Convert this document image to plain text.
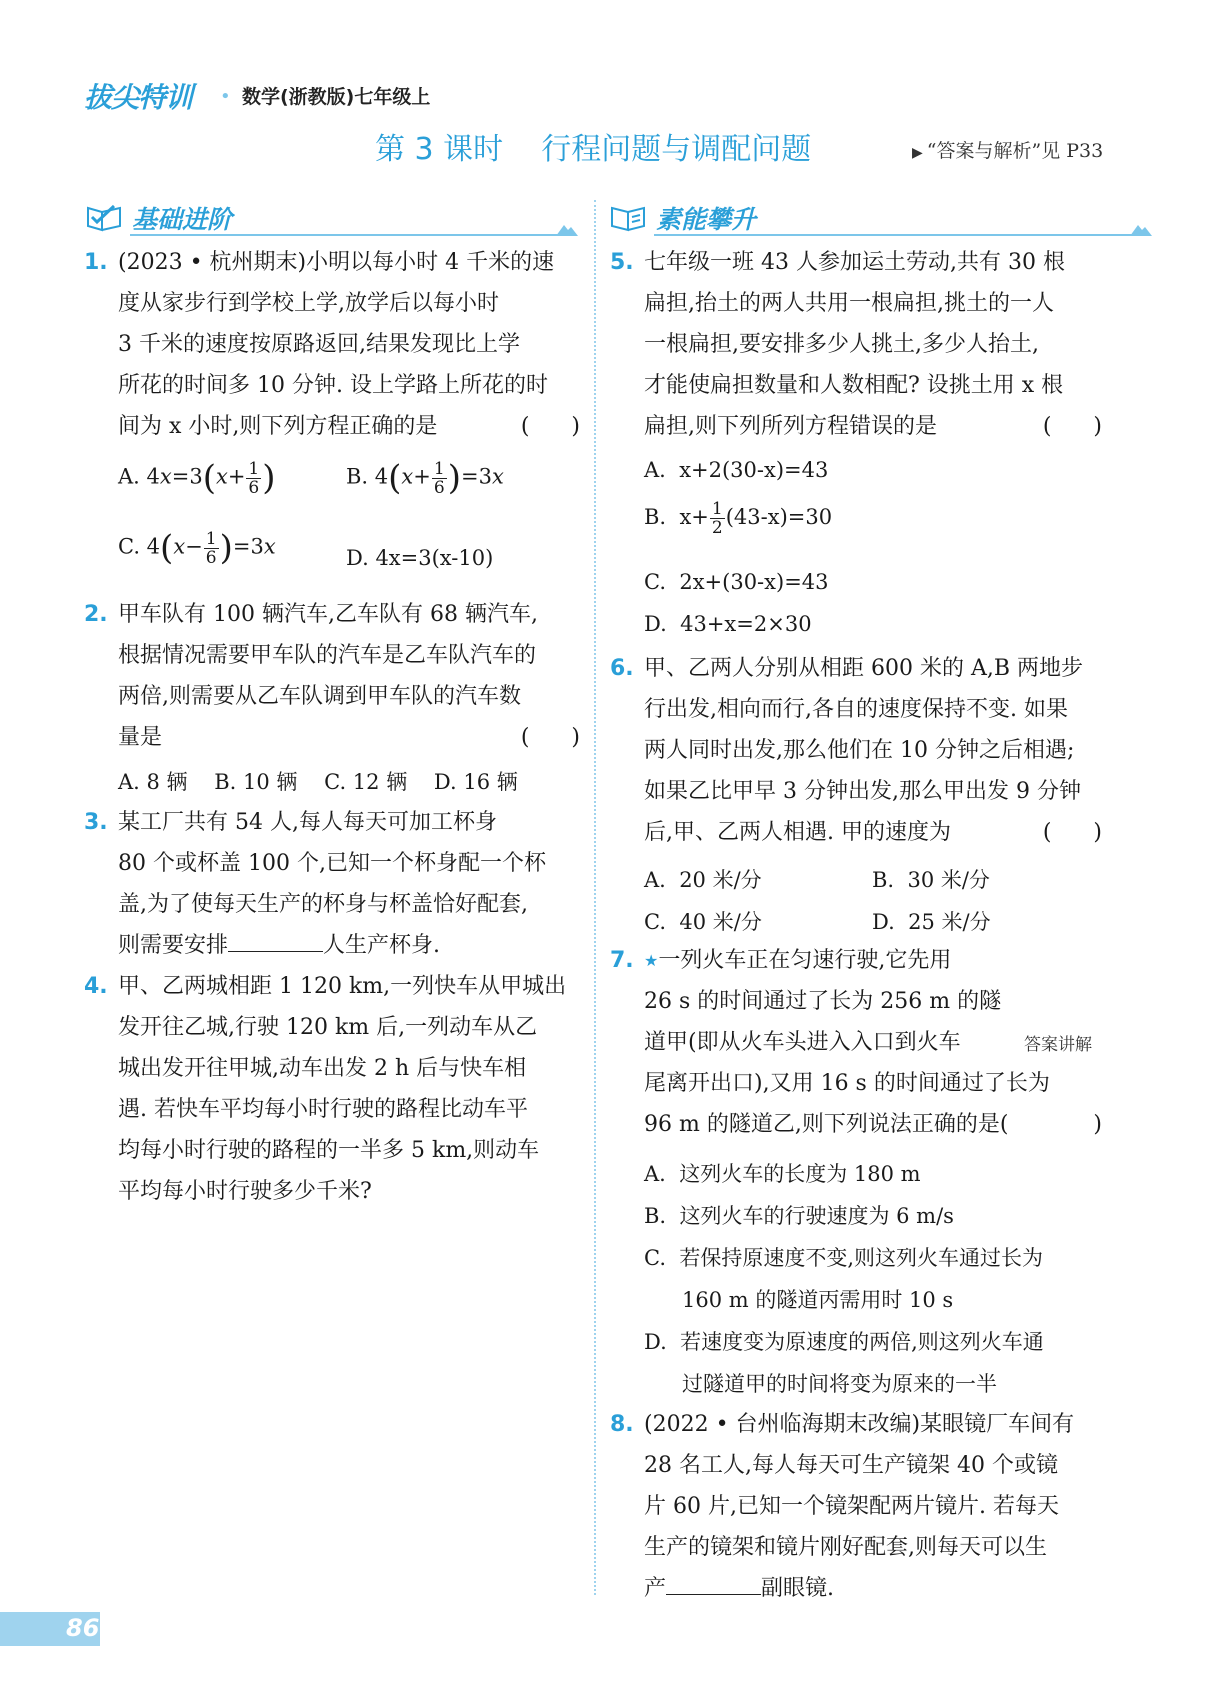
拔尖特训 • 数学(浙教版)七年级上
第 3 课时    行程问题与调配问题	▶ “答案与解析”见 P33
基础进阶	素能攀升
1. (2023 • 杭州期末)小明以每小时 4 千米的速
度从家步行到学校上学,放学后以每小时
3 千米的速度按原路返回,结果发现比上学
所花的时间多 10 分钟. 设上学路上所花的时
间为 x 小时,则下列方程正确的是	(      )
A. $4x=3(x+ \frac{1}{6}$ )	B. $4(x+ \frac{1}{6} )=3x$
C. $4(x- \frac{1}{6} )=3x$	D. 4x=3(x-10)
2. 甲车队有 100 辆汽车,乙车队有 68 辆汽车,
根据情况需要甲车队的汽车是乙车队汽车的
两倍,则需要从乙车队调到甲车队的汽车数
量是	(      )
A. 8 辆    B. 10 辆    C. 12 辆    D. 16 辆
3. 某工厂共有 54 人,每人每天可加工杯身
80 个或杯盖 100 个,已知一个杯身配一个杯
盖,为了使每天生产的杯身与杯盖恰好配套,
则需要安排	人生产杯身.
4. 甲、乙两城相距 1 120 km,一列快车从甲城出
发开往乙城,行驶 120 km 后,一列动车从乙
城出发开往甲城,动车出发 2 h 后与快车相
遇. 若快车平均每小时行驶的路程比动车平
均每小时行驶的路程的一半多 5 km,则动车
平均每小时行驶多少千米?
5. 七年级一班 43 人参加运土劳动,共有 30 根
扁担,抬土的两人共用一根扁担,挑土的一人
一根扁担,要安排多少人挑土,多少人抬土,
才能使扁担数量和人数相配? 设挑土用 x 根
扁担,则下列所列方程错误的是	(      )
A.  x+2(30-x)=43
B.  $x+ \frac{1}{2} (43-x)=30$
C.  2x+(30-x)=43
D.  43+x=2×30
6. 甲、乙两人分别从相距 600 米的 A,B 两地步
行出发,相向而行,各自的速度保持不变. 如果
两人同时出发,那么他们在 10 分钟之后相遇;
如果乙比甲早 3 分钟出发,那么甲出发 9 分钟
后,甲、乙两人相遇. 甲的速度为	(      )
A.  20 米/分	B.  30 米/分
C.  40 米/分	D.  25 米/分
7. ★一列火车正在匀速行驶,它先用
26 s 的时间通过了长为 256 m 的隧
道甲(即从火车头进入入口到火车
尾离开出口),又用 16 s 的时间通过了长为
96 m 的隧道乙,则下列说法正确的是(	)
答案讲解
A.  这列火车的长度为 180 m
B.  这列火车的行驶速度为 6 m/s
C.  若保持原速度不变,则这列火车通过长为
160 m 的隧道丙需用时 10 s
D.  若速度变为原速度的两倍,则这列火车通
过隧道甲的时间将变为原来的一半
8. (2022 • 台州临海期末改编)某眼镜厂车间有
28 名工人,每人每天可生产镜架 40 个或镜
片 60 片,已知一个镜架配两片镜片. 若每天
生产的镜架和镜片刚好配套,则每天可以生
产	副眼镜.
86
